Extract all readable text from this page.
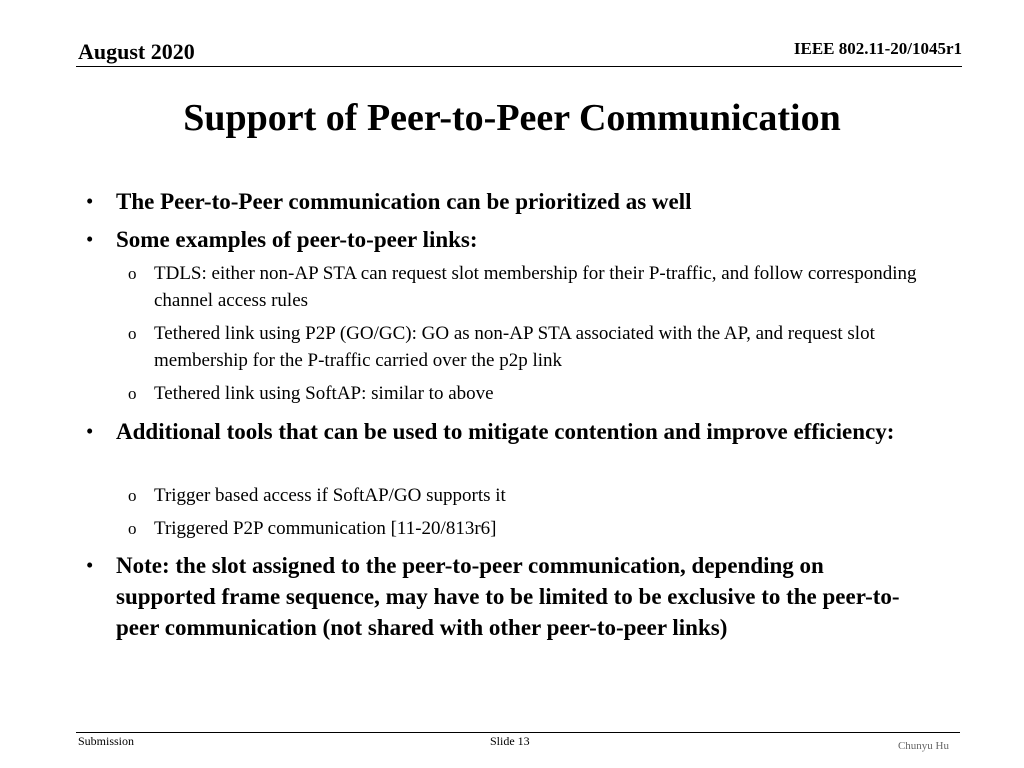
August 2020	IEEE 802.11-20/1045r1
Support of Peer-to-Peer Communication
• The Peer-to-Peer communication can be prioritized as well
• Some examples of peer-to-peer links:
o TDLS: either non-AP STA can request slot membership for their P-traffic, and follow corresponding channel access rules
o Tethered link using P2P (GO/GC): GO as non-AP STA associated with the AP, and request slot membership for the P-traffic carried over the p2p link
o Tethered link using SoftAP: similar to above
• Additional tools that can be used to mitigate contention and improve efficiency:
o Trigger based access if SoftAP/GO supports it
o Triggered P2P communication [11-20/813r6]
• Note: the slot assigned to the peer-to-peer communication, depending on supported frame sequence, may have to be limited to be exclusive to the peer-to-peer communication (not shared with other peer-to-peer links)
Submission	Slide 13	Chunyu Hu
